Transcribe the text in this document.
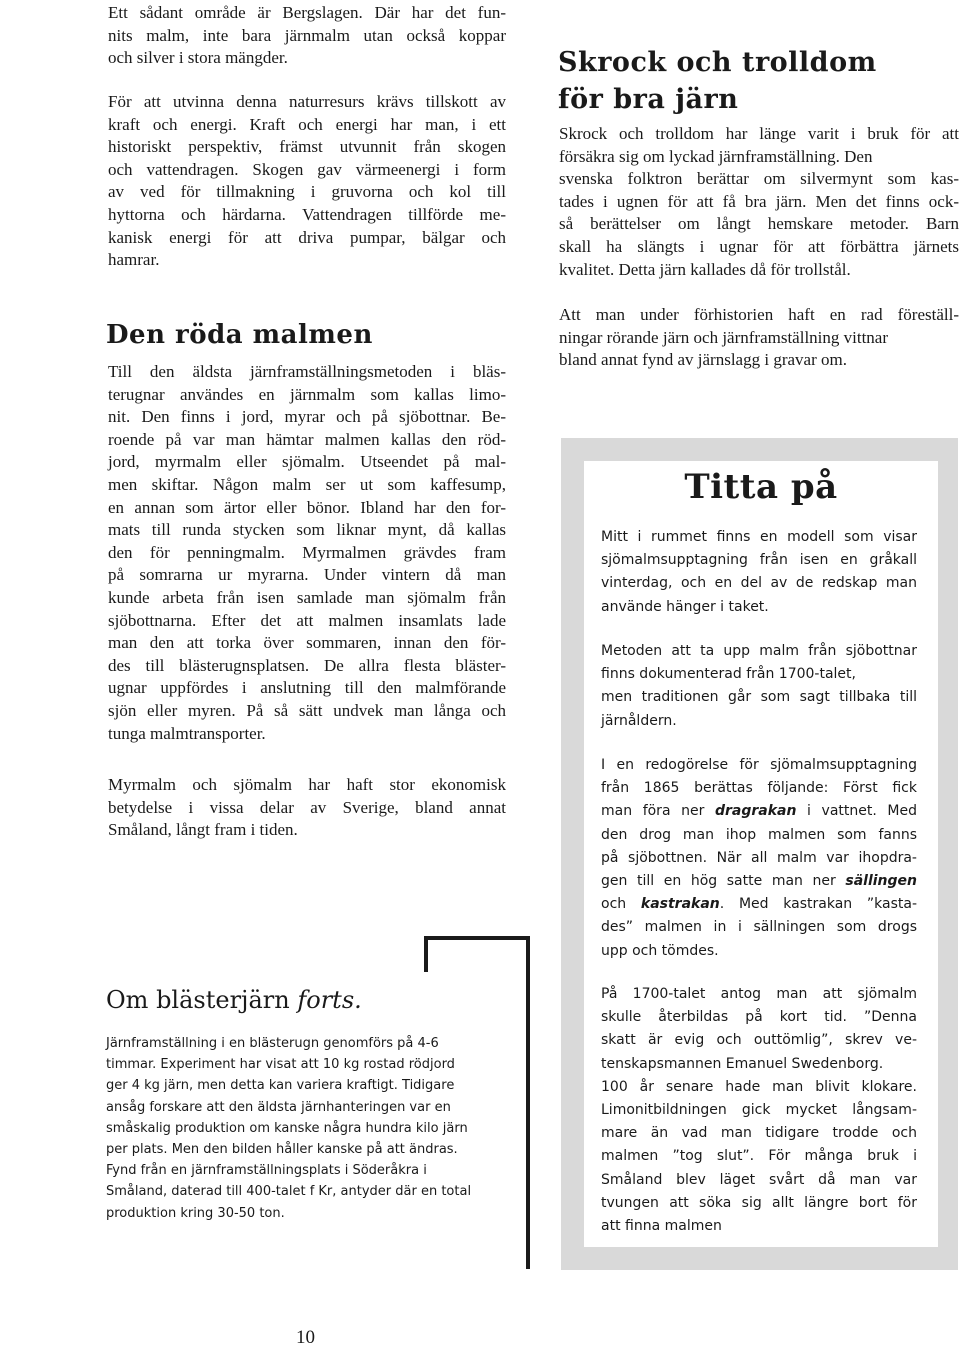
Ett sådant område är Bergslagen. Där har det fun-
nits malm, inte bara järnmalm utan också koppar
och silver i stora mängder.

För att utvinna denna naturresurs krävs tillskott av
kraft och energi. Kraft och energi har man, i ett
historiskt perspektiv, främst utvunnit från skogen
och vattendragen. Skogen gav värmeenergi i form
av ved för tillmakning i gruvorna och kol till
hyttorna och härdarna. Vattendragen tillförde me-
kanisk energi för att driva pumpar, bälgar och
hamrar.

Den röda malmen

Till den äldsta järnframställningsmetoden i bläs-
terugnar användes en järnmalm som kallas limo-
nit. Den finns i jord, myrar och på sjöbottnar. Be-
roende på var man hämtar malmen kallas den röd-
jord, myrmalm eller sjömalm. Utseendet på mal-
men skiftar. Någon malm ser ut som kaffesump,
en annan som ärtor eller bönor. Ibland har den for-
mats till runda stycken som liknar mynt, då kallas
den för penningmalm. Myrmalmen grävdes fram
på somrarna ur myrarna. Under vintern då man
kunde arbeta från isen samlade man sjömalm från
sjöbottnarna. Efter det att malmen insamlats lade
man den att torka över sommaren, innan den för-
des till blästerugnsplatsen. De allra flesta bläster-
ugnar uppfördes i anslutning till den malmförande
sjön eller myren. På så sätt undvek man långa och
tunga malmtransporter.

Myrmalm och sjömalm har haft stor ekonomisk
betydelse i vissa delar av Sverige, bland annat
Småland, långt fram i tiden.

Om blästerjärn forts.

Järnframställning i en blästerugn genomförs på 4-6
timmar. Experiment har visat att 10 kg rostad rödjord
ger 4 kg järn, men detta kan variera kraftigt. Tidigare
ansåg forskare att den äldsta järnhanteringen var en
småskalig produktion om kanske några hundra kilo järn
per plats. Men den bilden håller kanske på att ändras.
Fynd från en järnframställningsplats i Söderåkra i
Småland, daterad till 400-talet f Kr, antyder där en total
produktion kring 30-50 ton.

Skrock och trolldom
för bra järn

Skrock och trolldom har länge varit i bruk för att
försäkra sig om lyckad järnframställning. Den
svenska folktron berättar om silvermynt som kas-
tades i ugnen för att få bra järn. Men det finns ock-
så berättelser om långt hemskare metoder. Barn
skall ha slängts i ugnar för att förbättra järnets
kvalitet. Detta järn kallades då för trollstål.

Att man under förhistorien haft en rad föreställ-
ningar rörande järn och järnframställning vittnar
bland annat fynd av järnslagg i gravar om.

Titta på

Mitt i rummet finns en modell som visar
sjömalmsupptagning från isen en gråkall
vinterdag, och en del av de redskap man
använde hänger i taket.

Metoden att ta upp malm från sjöbottnar
finns dokumenterad från 1700-talet,
men traditionen går som sagt tillbaka till
järnåldern.

I en redogörelse för sjömalmsupptagning
från 1865 berättas följande: Först fick
man föra ner dragrakan i vattnet. Med
den drog man ihop malmen som fanns
på sjöbottnen. När all malm var ihopdra-
gen till en hög satte man ner sällingen
och kastrakan. Med kastrakan ”kasta-
des” malmen in i sällningen som drogs
upp och tömdes.

På 1700-talet antog man att sjömalm
skulle återbildas på kort tid. ”Denna
skatt är evig och outtömlig”, skrev ve-
tenskapsmannen Emanuel Swedenborg.
100 år senare hade man blivit klokare.
Limonitbildningen gick mycket långsam-
mare än vad man tidigare trodde och
malmen ”tog slut”. För många bruk i
Småland blev läget svårt då man var
tvungen att söka sig allt längre bort för
att finna malmen

10
